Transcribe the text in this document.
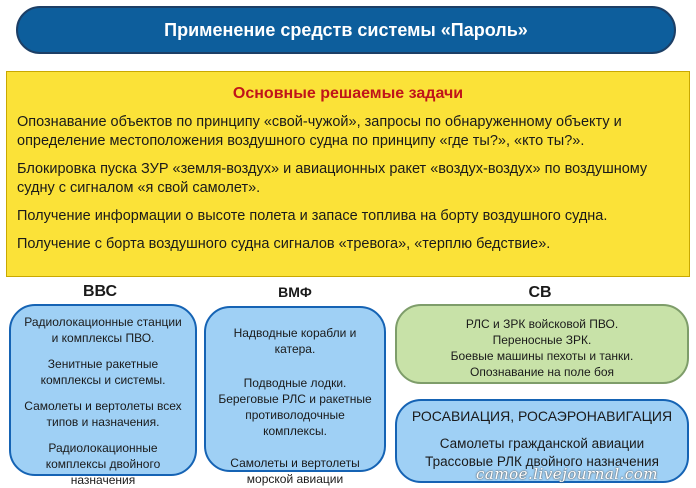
Применение средств системы «Пароль»
Основные решаемые задачи

Опознавание объектов по принципу «свой-чужой», запросы по обнаруженному объекту и определение местоположения воздушного судна по принципу «где ты?», «кто ты?».

Блокировка пуска ЗУР «земля-воздух» и авиационных ракет «воздух-воздух» по воздушному судну с сигналом «я свой самолет».

Получение информации о высоте полета и запасе топлива на борту воздушного судна.

Получение с борта воздушного судна сигналов «тревога», «терплю бедствие».

ВВС

Радиолокационные станции и комплексы ПВО.

Зенитные ракетные комплексы и системы.

Самолеты и вертолеты всех типов и назначения.

Радиолокационные комплексы двойного назначения

ВМФ

Надводные корабли и катера.

Подводные лодки.

Береговые РЛС и ракетные противолодочные комплексы.

Самолеты и вертолеты морской авиации

СВ
РЛС и ЗРК войсковой ПВО.
Переносные ЗРК.
Боевые машины пехоты и танки.
Опознавание на поле боя
РОСАВИАЦИЯ, РОСАЭРОНАВИГАЦИЯ
Самолеты гражданской авиации
Трассовые РЛК двойного назначения
camoe.livejournal.com
